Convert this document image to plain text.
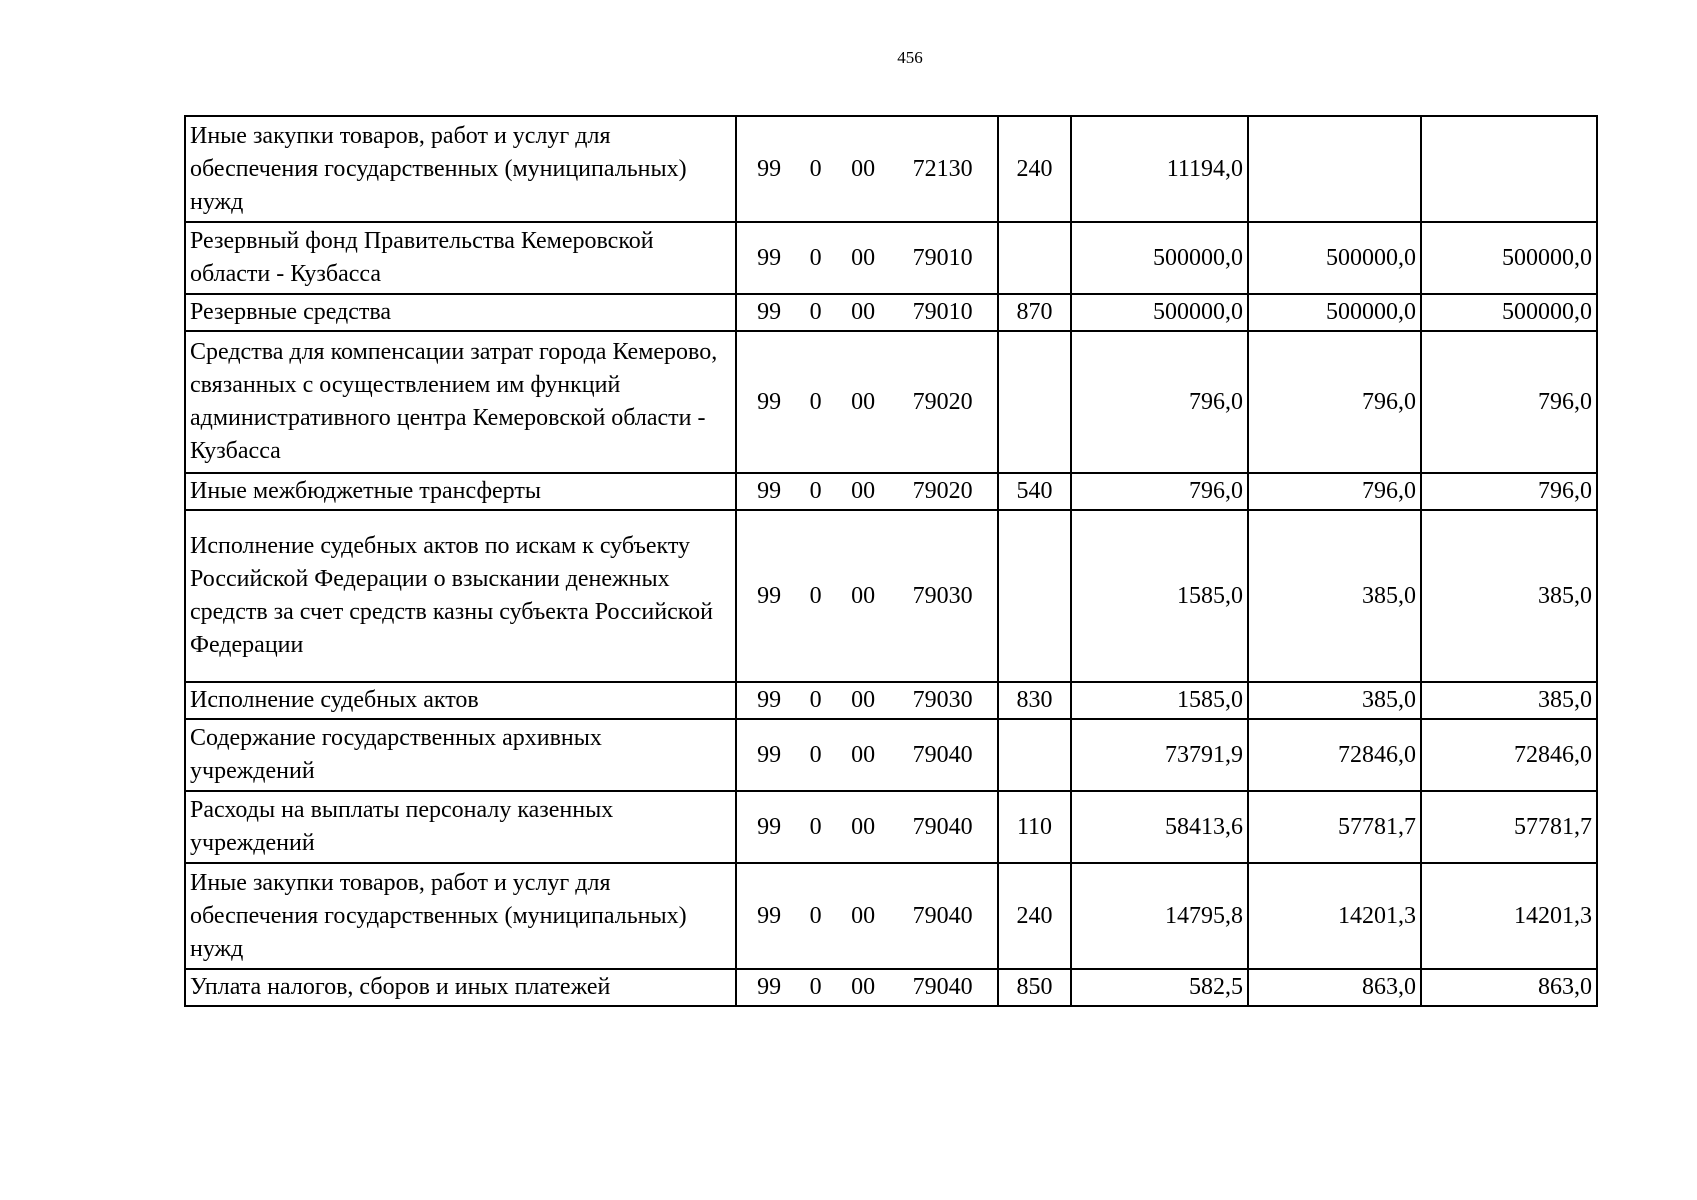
456
Иные закупки товаров, работ и услуг для обеспечения государственных (муниципальных) нужд	99 0 00 72130	240	11194,0		
Резервный фонд Правительства Кемеровской области - Кузбасса	99 0 00 79010		500000,0	500000,0	500000,0
Резервные средства	99 0 00 79010	870	500000,0	500000,0	500000,0
Средства для компенсации затрат города Кемерово, связанных с осуществлением им функций административного центра Кемеровской области - Кузбасса	99 0 00 79020		796,0	796,0	796,0
Иные межбюджетные трансферты	99 0 00 79020	540	796,0	796,0	796,0
Исполнение судебных актов по искам к субъекту Российской Федерации о взыскании денежных средств за счет средств казны субъекта Российской Федерации	99 0 00 79030		1585,0	385,0	385,0
Исполнение судебных актов	99 0 00 79030	830	1585,0	385,0	385,0
Содержание государственных архивных учреждений	99 0 00 79040		73791,9	72846,0	72846,0
Расходы на выплаты персоналу казенных учреждений	99 0 00 79040	110	58413,6	57781,7	57781,7
Иные закупки товаров, работ и услуг для обеспечения государственных (муниципальных) нужд	99 0 00 79040	240	14795,8	14201,3	14201,3
Уплата налогов, сборов и иных платежей	99 0 00 79040	850	582,5	863,0	863,0
